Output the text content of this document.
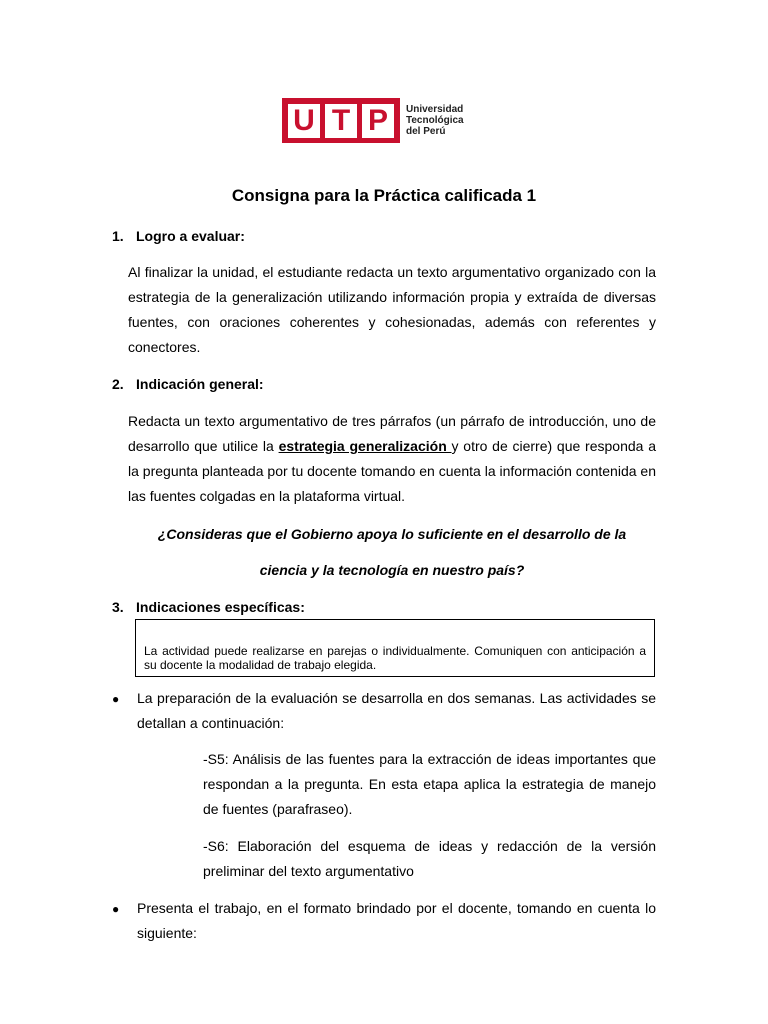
U T P	Universidad
Tecnológica
del Perú
Consigna para la Práctica calificada 1
1. Logro a evaluar:
Al finalizar la unidad, el estudiante redacta un texto argumentativo organizado con la estrategia de la generalización utilizando información propia y extraída de diversas fuentes, con oraciones coherentes y cohesionadas, además con referentes y conectores.
2. Indicación general:
Redacta un texto argumentativo de tres párrafos (un párrafo de introducción, uno de desarrollo que utilice la estrategia generalización y otro de cierre) que responda a la pregunta planteada por tu docente tomando en cuenta la información contenida en las fuentes colgadas en la plataforma virtual.
¿Consideras que el Gobierno apoya lo suficiente en el desarrollo de la
ciencia y la tecnología en nuestro país?
3. Indicaciones específicas:
La actividad puede realizarse en parejas o individualmente. Comuniquen con anticipación a su docente la modalidad de trabajo elegida.
●	La preparación de la evaluación se desarrolla en dos semanas. Las actividades se detallan a continuación:
-S5: Análisis de las fuentes para la extracción de ideas importantes que respondan a la pregunta. En esta etapa aplica la estrategia de manejo de fuentes (parafraseo).
-S6: Elaboración del esquema de ideas y redacción de la versión preliminar del texto argumentativo
●	Presenta el trabajo, en el formato brindado por el docente, tomando en cuenta lo siguiente:
